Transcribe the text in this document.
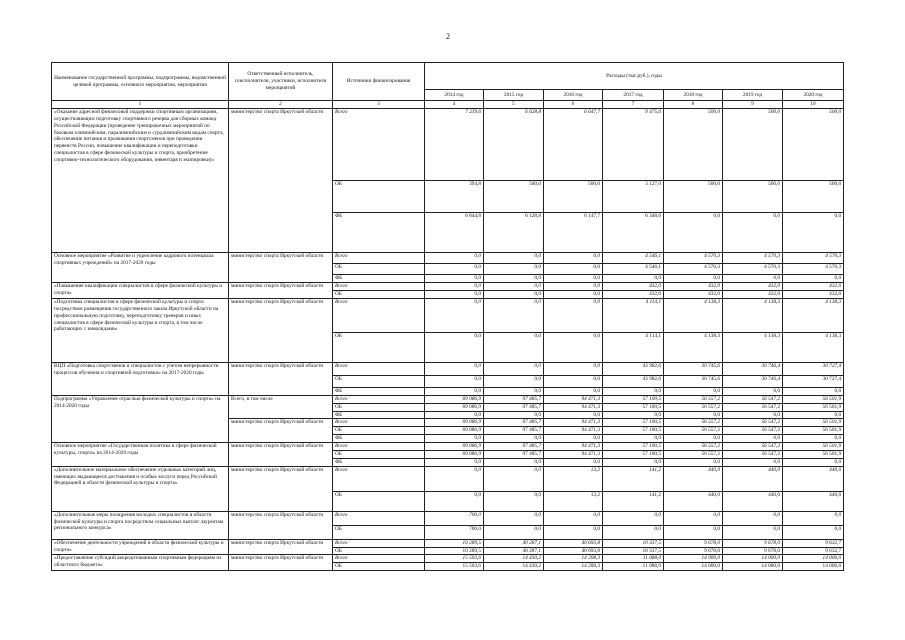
2
Наименование государственной программы, подпрограммы, ведомственной целевой программы, основного мероприятия, мероприятия	Ответственный исполнитель, соисполнители, участники, исполнители мероприятий	Источники финансирования	Расходы (тыс.руб.), годы						
			2014 год	2015 год	2016 год	2017 год	2018 год	2019 год	2020 год
1	2	3	4	5	6	7	8	9	10
«Оказание адресной финансовой поддержки спортивным организациям, осуществляющим подготовку спортивного резерва для сборных команд Российской Федерации (проведение тренировочных мероприятий по базовым олимпийским, паралимпийским и сурдлимпийским видам спорта, обеспечение питания и проживания спортсменов при проведении первенств России, повышение квалификации и переподготовки специалистов в сфере физической культуры и спорта, приобретение спортивно-технологического оборудования, инвентаря и экипировки)»	министерство спорта Иркутской области	Всего	7 239,6	6 628,8	6 647,7	9 475,6	500,0	500,0	500,0
		ОБ	394,8	500,0	500,0	3 127,0	500,0	500,0	500,0
		ФБ	6 844,8	6 128,8	6 147,7	6 348,6	0,0	0,0	0,0
Основное мероприятие «Развитие и укрепление кадрового потенциала спортивных учреждений» на 2017-2020 годы	министерство спорта Иркутской области	Всего	0,0	0,0	0,0	4 546,1	4 570,3	4 570,3	4 570,3
		ОБ	0,0	0,0	0,0	4 546,1	4 570,3	4 570,3	4 570,3
		ФБ	0,0	0,0	0,0	0,0	0,0	0,0	0,0
«Повышение квалификации специалистов в сфере физической культуры и спорта»	министерство спорта Иркутской области	Всего	0,0	0,0	0,0	432,0	432,0	432,0	432,0
		ОБ	0,0	0,0	0,0	432,0	432,0	432,0	432,0
«Подготовка специалистов в сфере физической культуры и спорта посредством размещения государственного заказа Иркутской области на профессиональную подготовку, переподготовку тренеров и иных специалистов в сфере физической культуры и спорта, в том числе работающих с инвалидами»	министерство спорта Иркутской области	Всего	0,0	0,0	0,0	4 114,1	4 138,3	4 138,3	4 138,3
		ОБ	0,0	0,0	0,0	4 114,1	4 138,3	4 138,3	4 138,3
ВЦП «Подготовка спортсменов и специалистов с учетом непрерывности процессов обучения и спортивной подготовки» на 2017-2020 годы	министерство спорта Иркутской области	Всего	0,0	0,0	0,0	43 982,6	30 745,6	30 746,4	30 727,4
		ОБ	0,0	0,0	0,0	43 982,6	30 745,6	30 746,4	30 727,4
		ФБ	0,0	0,0	0,0	0,0	0,0	0,0	0,0
Подпрограмма «Управление отраслью физической культуры и спорта» на 2014-2020 годы	Всего, в том числе	Всего	69 086,9	97 485,7	94 471,3	57 100,5	56 557,2	56 547,2	56 501,9
		ОБ	69 086,9	97 485,7	94 471,3	57 100,5	56 557,2	56 547,2	56 501,9
		ФБ	0,0	0,0	0,0	0,0	0,0	0,0	0,0
	министерство спорта Иркутской области	Всего	69 086,9	97 485,7	94 471,3	57 100,5	56 557,2	56 547,2	56 501,9
		ОБ	69 086,9	97 485,7	94 471,3	57 100,5	56 557,2	56 547,2	56 501,9
		ФБ	0,0	0,0	0,0	0,0	0,0	0,0	0,0
Основное мероприятие «Государственная политика в сфере физической культуры, спорта» на 2014-2020 годы	министерство спорта Иркутской области	Всего	69 086,9	97 485,7	94 471,3	57 100,5	56 557,2	56 547,2	56 501,9
		ОБ	69 086,9	97 485,7	94 471,3	57 100,5	56 557,2	56 547,2	56 501,9
		ФБ	0,0	0,0	0,0	0,0	0,0	0,0	0,0
«Дополнительное материальное обеспечение отдельных категорий лиц, имеющих выдающиеся достижения и особые заслуги перед Российской Федерацией в области физической культуры и спорта»	министерство спорта Иркутской области	Всего	0,0	0,0	13,2	141,2	440,0	440,0	440,0
		ОБ	0,0	0,0	13,2	141,2	440,0	440,0	440,0
«Дополнительные меры поощрения молодых специалистов в области физической культуры и спорта посредством социальных выплат лауреатам регионального конкурса»	министерство спорта Иркутской области	Всего	700,0	0,0	0,0	0,0	0,0	0,0	0,0
		ОБ	700,0	0,0	0,0	0,0	0,0	0,0	0,0
«Обеспечение деятельности учреждений в области физической культуры и спорта»	министерство спорта Иркутской области	Всего	10 289,5	40 287,1	40 693,8	10 337,5	9 678,0	9 678,0	9 632,7
		ОБ	10 289,5	40 287,1	40 693,8	10 337,5	9 678,0	9 678,0	9 632,7
«Предоставление субсидий аккредитованным спортивным федерациям из областного бюджета»	министерство спорта Иркутской области	Всего	15 503,6	14 430,2	14 208,3	11 088,0	14 000,0	14 000,0	14 000,0
		ОБ	15 503,6	14 430,2	14 208,3	11 088,0	14 000,0	14 000,0	14 000,0
